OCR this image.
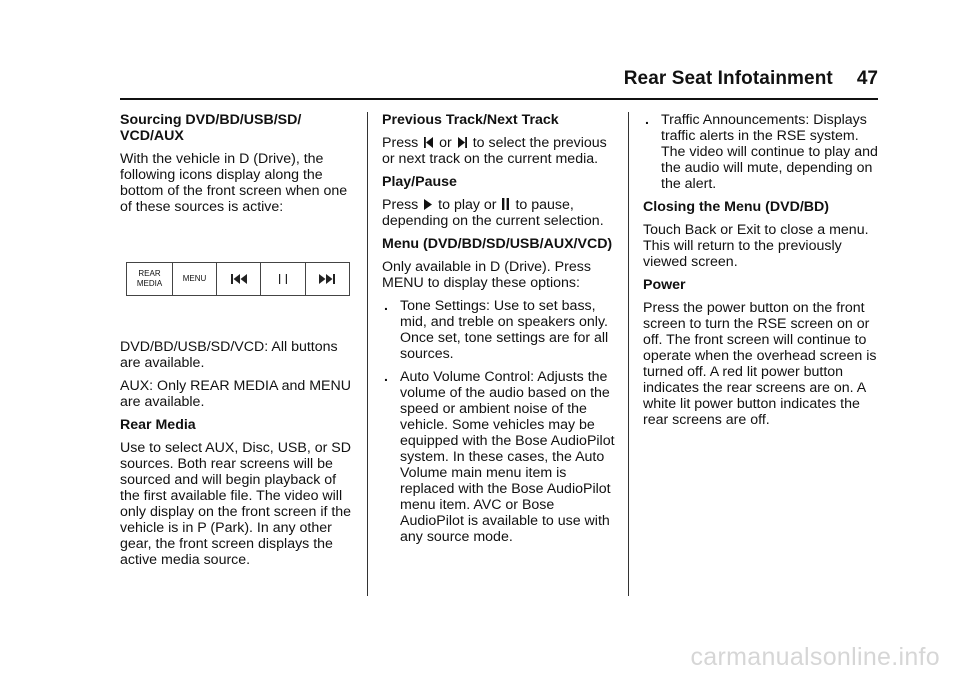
Rear Seat Infotainment 47
Sourcing DVD/BD/USB/SD/ VCD/AUX

With the vehicle in D (Drive), the following icons display along the bottom of the front screen when one of these sources is active:

REAR
MEDIA
MENU

DVD/BD/USB/SD/VCD: All buttons are available.

AUX: Only REAR MEDIA and MENU are available.

Rear Media

Use to select AUX, Disc, USB, or SD sources. Both rear screens will be sourced and will begin playback of the first available file. The video will only display on the front screen if the vehicle is in P (Park). In any other gear, the front screen displays the active media source.

Previous Track/Next Track

Press or to select the previous or next track on the current media.

Play/Pause

Press to play or to pause, depending on the current selection.

Menu (DVD/BD/SD/USB/AUX/VCD)

Only available in D (Drive). Press MENU to display these options:

. Tone Settings: Use to set bass, mid, and treble on speakers only. Once set, tone settings are for all sources.
. Auto Volume Control: Adjusts the volume of the audio based on the speed or ambient noise of the vehicle. Some vehicles may be equipped with the Bose AudioPilot system. In these cases, the Auto Volume main menu item is replaced with the Bose AudioPilot menu item. AVC or Bose AudioPilot is available to use with any source mode.
. Traffic Announcements: Displays traffic alerts in the RSE system. The video will continue to play and the audio will mute, depending on the alert.
Closing the Menu (DVD/BD)

Touch Back or Exit to close a menu. This will return to the previously viewed screen.

Power

Press the power button on the front screen to turn the RSE screen on or off. The front screen will continue to operate when the overhead screen is turned off. A red lit power button indicates the rear screens are on. A white lit power button indicates the rear screens are off.

carmanualsonline.info
